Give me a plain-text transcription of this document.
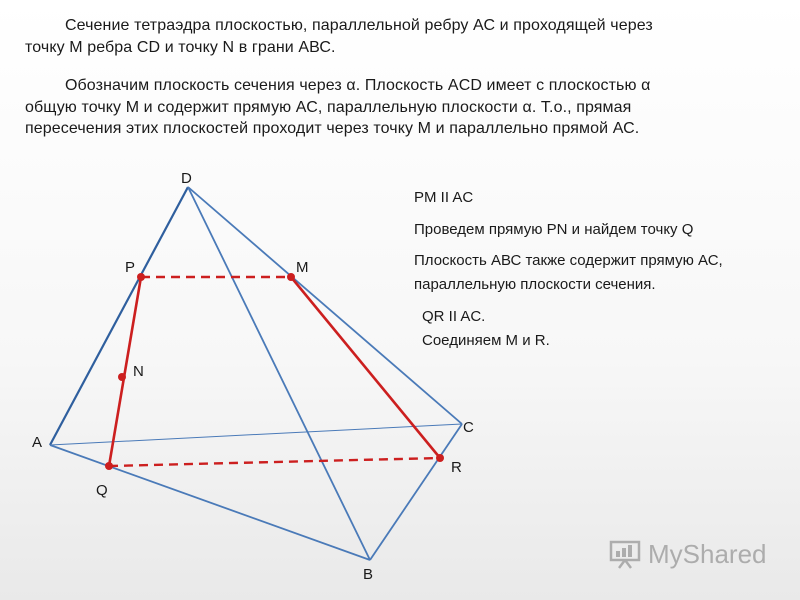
Сечение тетраэдра плоскостью, параллельной ребру АС и проходящей через
точку М ребра CD и точку N в грани АВС.
Обозначим плоскость сечения через α. Плоскость ACD имеет с плоскостью α
общую точку М и содержит прямую АС, параллельную плоскости α. Т.о., прямая
пересечения этих плоскостей проходит через точку М и параллельно прямой АС.
D
P	M
N
A
C
R
Q
B
PM II AC
Проведем прямую PN и найдем точку Q
Плоскость АВС также содержит прямую АС,
параллельную плоскости сечения.
QR II AC.
Соединяем M и R.
MyShared
